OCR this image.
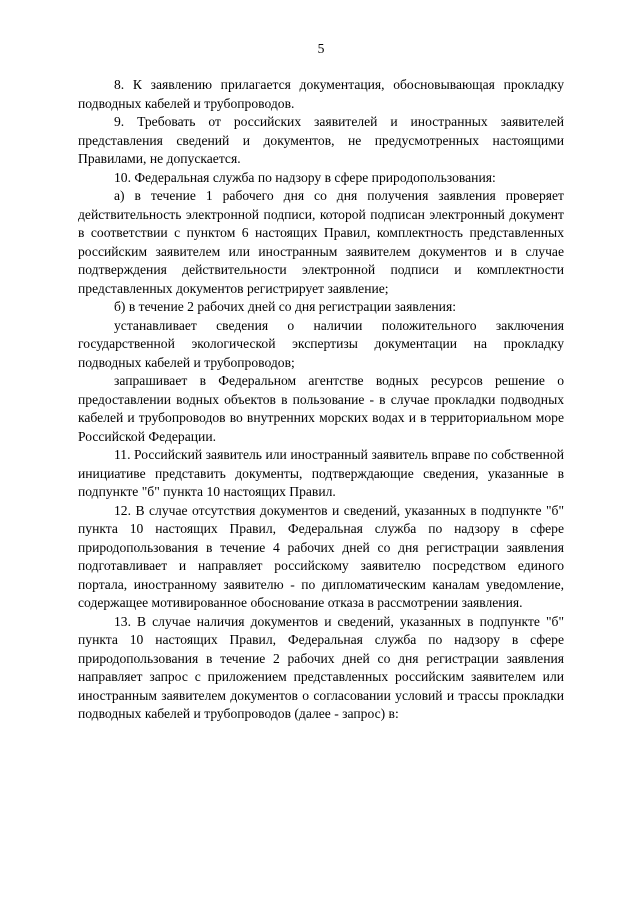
5

8. К заявлению прилагается документация, обосновывающая прокладку подводных кабелей и трубопроводов.

9. Требовать от российских заявителей и иностранных заявителей представления сведений и документов, не предусмотренных настоящими Правилами, не допускается.

10. Федеральная служба по надзору в сфере природопользования:

а) в течение 1 рабочего дня со дня получения заявления проверяет действительность электронной подписи, которой подписан электронный документ в соответствии с пунктом 6 настоящих Правил, комплектность представленных российским заявителем или иностранным заявителем документов и в случае подтверждения действительности электронной подписи и комплектности представленных документов регистрирует заявление;

б) в течение 2 рабочих дней со дня регистрации заявления:

устанавливает сведения о наличии положительного заключения государственной экологической экспертизы документации на прокладку подводных кабелей и трубопроводов;

запрашивает в Федеральном агентстве водных ресурсов решение о предоставлении водных объектов в пользование - в случае прокладки подводных кабелей и трубопроводов во внутренних морских водах и в территориальном море Российской Федерации.

11. Российский заявитель или иностранный заявитель вправе по собственной инициативе представить документы, подтверждающие сведения, указанные в подпункте "б" пункта 10 настоящих Правил.

12. В случае отсутствия документов и сведений, указанных в подпункте "б" пункта 10 настоящих Правил, Федеральная служба по надзору в сфере природопользования в течение 4 рабочих дней со дня регистрации заявления подготавливает и направляет российскому заявителю посредством единого портала, иностранному заявителю - по дипломатическим каналам уведомление, содержащее мотивированное обоснование отказа в рассмотрении заявления.

13. В случае наличия документов и сведений, указанных в подпункте "б" пункта 10 настоящих Правил, Федеральная служба по надзору в сфере природопользования в течение 2 рабочих дней со дня регистрации заявления направляет запрос с приложением представленных российским заявителем или иностранным заявителем документов о согласовании условий и трассы прокладки подводных кабелей и трубопроводов (далее - запрос) в:
